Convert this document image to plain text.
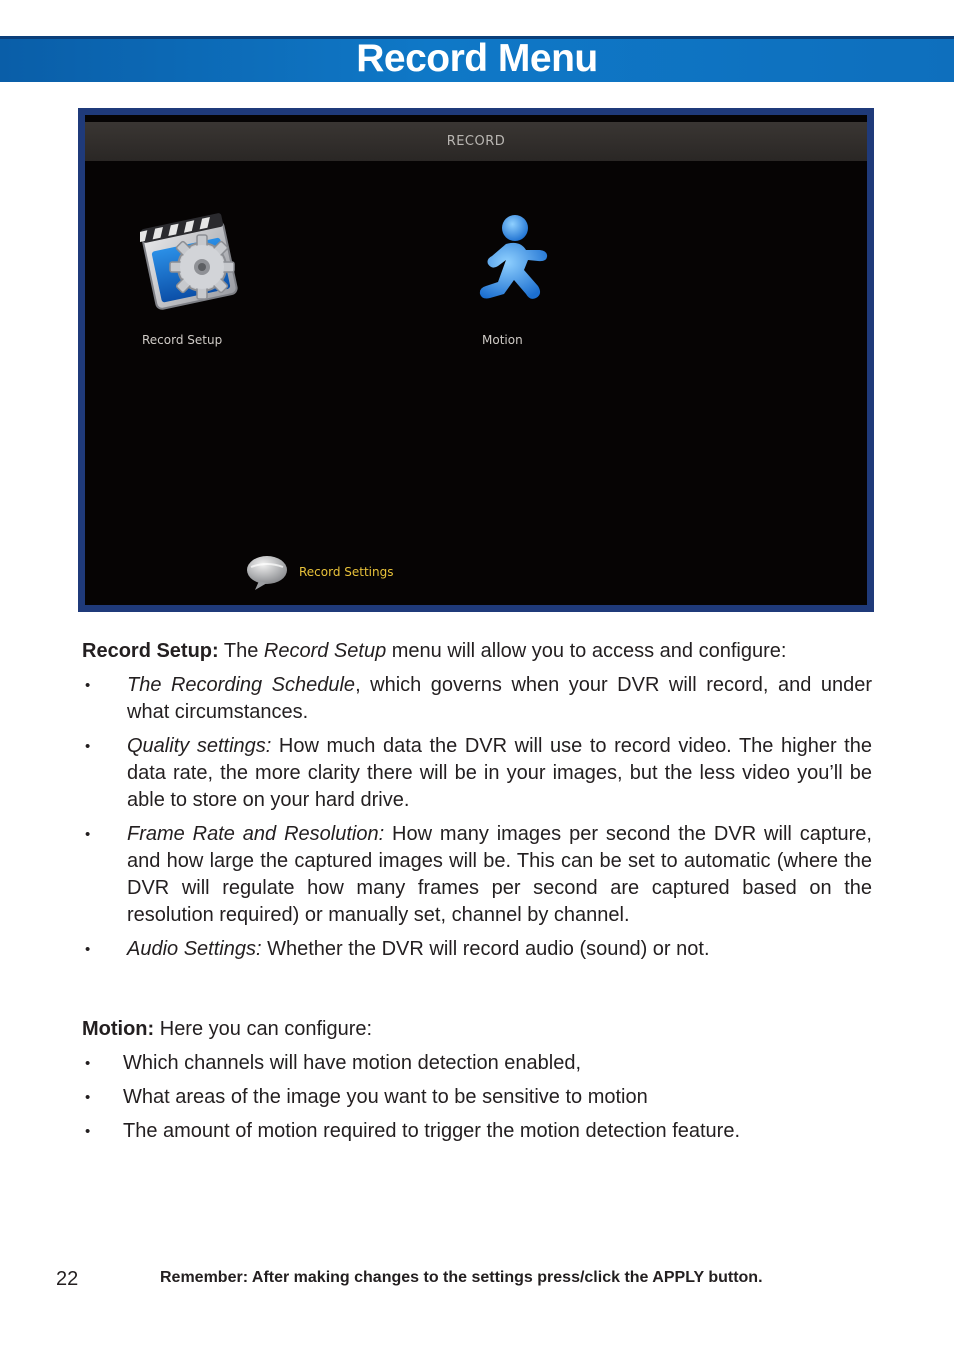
Record Menu
RECORD
Record Setup	Motion
Record Settings

Record Setup: The Record Setup menu will allow you to access and configure:

• The Recording Schedule, which governs when your DVR will record, and under what circumstances.
• Quality settings: How much data the DVR will use to record video. The higher the data rate, the more clarity there will be in your images, but the less video you’ll be able to store on your hard drive.
• Frame Rate and Resolution: How many images per second the DVR will capture, and how large the captured images will be. This can be set to automatic (where the DVR will regulate how many frames per second are captured based on the resolution required) or manually set, channel by channel.
• Audio Settings: Whether the DVR will record audio (sound) or not.

Motion: Here you can configure:

• Which channels will have motion detection enabled,
• What areas of the image you want to be sensitive to motion
• The amount of motion required to trigger the motion detection feature.
22	Remember: After making changes to the settings press/click the APPLY button.
